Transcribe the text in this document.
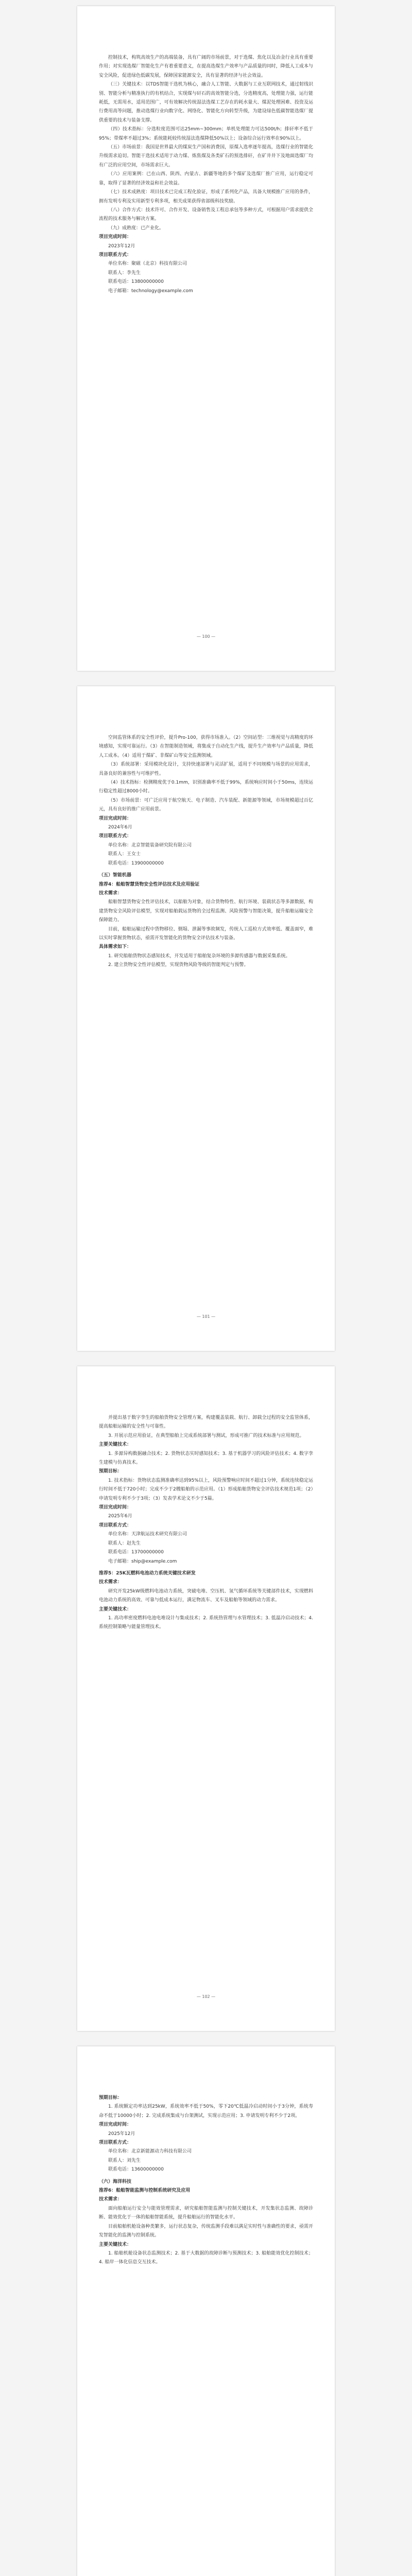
控制技术，构筑高效生产的高端装备，具有广阔的市场前景，对于选煤、焦化以及冶金行业具有重要作用；对实现选煤厂智能化生产有着重要意义，在提高选煤生产效率与产品质量的同时，降低人工成本与安全风险，促进绿色低碳发展，保障国家能源安全，具有显著的经济与社会效益。

（三）关键技术：以TDS智能干选机为核心，融合人工智能、大数据与工业互联网技术，通过射线识别、智能分析与精准执行的有机结合，实现煤与矸石的高效智能分选，分选精度高，处理能力强，运行能耗低，无需用水，适用范围广，可有效解决传统湿法选煤工艺存在的耗水量大、煤泥处理困难、投资及运行费用高等问题，推动选煤行业向数字化、网络化、智能化方向转型升级，为建设绿色低碳智能选煤厂提供重要的技术与装备支撑。

（四）技术指标：分选粒度范围可达25mm~300mm；单机处理能力可达500t/h；排矸率不低于95%；带煤率不超过3%；系统能耗较传统湿法选煤降低50%以上；设备综合运行效率在90%以上。

（五）市场前景：我国是世界最大的煤炭生产国和消费国，原煤入选率逐年提高，选煤行业的智能化升级需求迫切。智能干选技术适用于动力煤、炼焦煤及各类矿石的预选排矸，在矿井井下及地面选煤厂均有广泛的应用空间，市场需求巨大。

（六）应用案例：已在山西、陕西、内蒙古、新疆等地的多个煤矿及选煤厂推广应用，运行稳定可靠，取得了显著的经济效益和社会效益。

（七）技术成熟度：项目技术已完成工程化验证，形成了系列化产品，具备大规模推广应用的条件，拥有发明专利及实用新型专利多项，相关成果获得省部级科技奖励。

（八）合作方式：技术许可、合作开发、设备销售及工程总承包等多种方式，可根据用户需求提供全流程的技术服务与解决方案。

（九）成熟度：已产业化。

项目完成时间：

2023年12月

项目联系方式：

单位名称：聚磁（北京）科技有限公司

联系人：李先生

联系电话：13800000000

电子邮箱：technology@example.com

— 100 —

空间监管体系的安全性评价，提升Pro-100，获得市场准入。（2）空间站型：三维视觉与高精度的环境感知，实现可靠运行。（3）在智能制造领域，将集成于自动化生产线，提升生产效率与产品质量，降低人工成本。（4）适用于煤矿、非煤矿山等安全监测领域。

（3）系统部署：采用模块化设计，支持快速部署与灵活扩展，适用于不同规模与场景的应用需求，具备良好的兼容性与可维护性。

（4）技术指标：检测精度优于0.1mm，识别准确率不低于99%，系统响应时间小于50ms，连续运行稳定性超过8000小时。

（5）市场前景：可广泛应用于航空航天、电子制造、汽车装配、新能源等领域，市场规模超过百亿元，具有良好的推广应用前景。

项目完成时间：

2024年6月

项目联系方式：

单位名称：北京智能装备研究院有限公司

联系人：王女士

联系电话：13900000000

（五）智能机器

推荐4：船舶智慧货物安全性评估技术及应用验证

技术需求：

船舶智慧货物安全性评估技术，以船舶为对象，结合货物特性、航行环境、装载状态等多源数据，构建货物安全风险评估模型，实现对船舶载运货物的全过程监测、风险预警与智能决策，提升船舶运输安全保障能力。

目前，船舶运输过程中货物移位、倒塌、泄漏等事故频发，传统人工巡检方式效率低、覆盖面窄，难以实时掌握货物状态，亟需开发智能化的货物安全评估技术与装备。

具体需求如下：

1. 研究船舶货物状态感知技术，开发适用于船舶复杂环境的多源传感器与数据采集系统。

2. 建立货物安全性评估模型，实现货物风险等级的智能判定与预警。

— 101 —

并提出基于数字孪生的船舶货物安全管理方案，构建覆盖装载、航行、卸载全过程的安全监管体系，提高船舶运输的安全性与可靠性。

3. 开展示范应用验证，在典型船舶上完成系统部署与测试，形成可推广的技术标准与应用规范。

主要关键技术：

1. 多源异构数据融合技术；2. 货物状态实时感知技术；3. 基于机器学习的风险评估技术；4. 数字孪生建模与仿真技术。

预期目标：

1. 技术指标：货物状态监测准确率达到95%以上，风险预警响应时间不超过1分钟，系统连续稳定运行时间不低于720小时；完成不少于2艘船舶的示范应用。（1）形成船舶货物安全评估技术规范1项；（2）申请发明专利不少于3项；（3）发表学术论文不少于5篇。

项目完成时间：

2025年6月

项目联系方式：

单位名称：天津航运技术研究有限公司

联系人：赵先生

联系电话：13700000000

电子邮箱：ship@example.com

推荐5：25K瓦燃料电池动力系统关键技术研发

技术需求：

研究开发25kW级燃料电池动力系统，突破电堆、空压机、氢气循环系统等关键部件技术，实现燃料电池动力系统的高效、可靠与低成本运行，满足物流车、叉车及船舶等领域的动力需求。

主要关键技术：

1. 高功率密度燃料电池电堆设计与集成技术；2. 系统热管理与水管理技术；3. 低温冷启动技术；4. 系统控制策略与能量管理技术。

— 102 —

预期目标：

1. 系统额定功率达到25kW，系统效率不低于50%，零下20℃低温冷启动时间小于3分钟，系统寿命不低于10000小时；2. 完成系统集成与台架测试，实现示范应用；3. 申请发明专利不少于2项。

项目完成时间：

2025年12月

项目联系方式：

单位名称：北京新能源动力科技有限公司

联系人：刘先生

联系电话：13600000000

（六）海洋科技

推荐6：船舶智能监测与控制系统研究及应用

技术需求：

面向船舶运行安全与能效管理需求，研究船舶智能监测与控制关键技术，开发集状态监测、故障诊断、能效优化于一体的船舶智能系统，提升船舶运行的智能化水平。

目前船舶机舱设备种类繁多，运行状态复杂，传统监测手段难以满足实时性与准确性的要求，亟需开发智能化的监测与控制系统。

主要关键技术：

1. 船舶机舱设备状态监测技术；2. 基于大数据的故障诊断与预测技术；3. 船舶能效优化控制技术；4. 船岸一体化信息交互技术。
